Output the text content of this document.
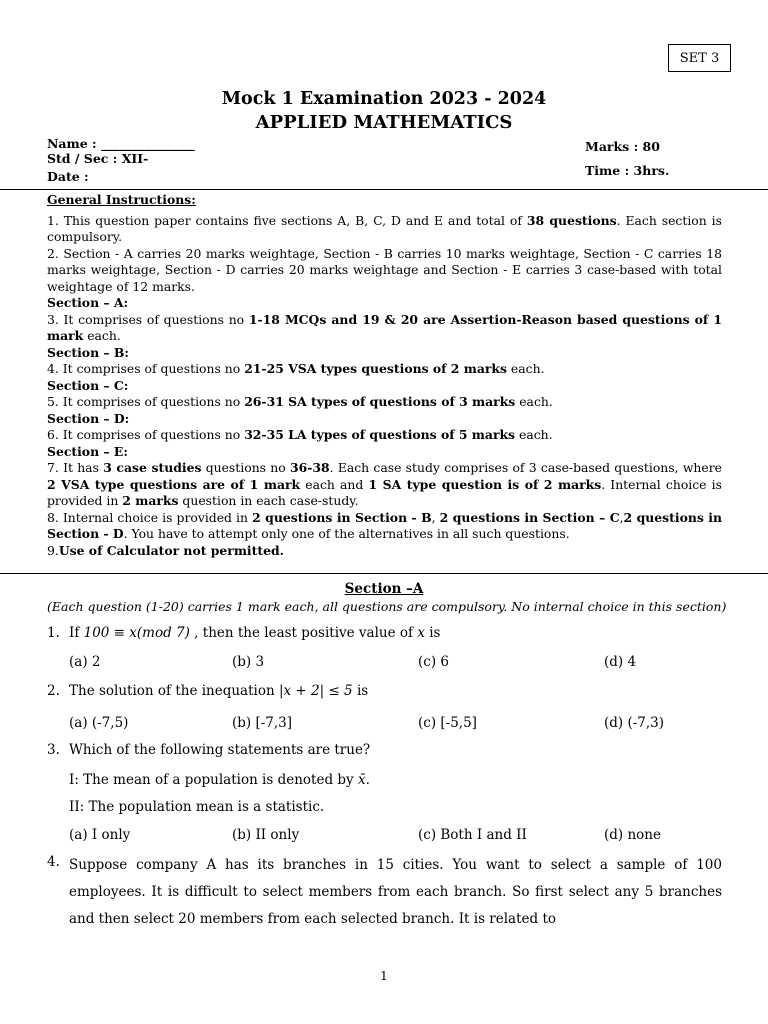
SET 3
Mock 1 Examination 2023 - 2024
APPLIED MATHEMATICS
Name : _______________
Std / Sec : XII-
Date :
Marks : 80
Time : 3hrs.

General Instructions:

1. This question paper contains five sections A, B, C, D and E and total of 38 questions. Each section is compulsory.

2. Section - A carries 20 marks weightage, Section - B carries 10 marks weightage, Section - C carries 18 marks weightage, Section - D carries 20 marks weightage and Section - E carries 3 case-based with total weightage of 12 marks.

Section – A:

3. It comprises of questions no 1-18 MCQs and 19 & 20 are Assertion-Reason based questions of 1 mark each.

Section – B:

4. It comprises of questions no 21-25 VSA types questions of 2 marks each.

Section – C:

5. It comprises of questions no 26-31 SA types of questions of 3 marks each.

Section – D:

6. It comprises of questions no 32-35 LA types of questions of 5 marks each.

Section – E:

7. It has 3 case studies questions no 36-38. Each case study comprises of 3 case-based questions, where 2 VSA type questions are of 1 mark each and 1 SA type question is of 2 marks. Internal choice is provided in 2 marks question in each case-study.

8. Internal choice is provided in 2 questions in Section - B, 2 questions in Section – C,2 questions in Section - D. You have to attempt only one of the alternatives in all such questions.

9.Use of Calculator not permitted.

Section –A
(Each question (1-20) carries 1 mark each, all questions are compulsory. No internal choice in this section)
1. If 100 ≡ x(mod 7) , then the least positive value of x is
(a) 2	(b) 3	(c) 6	(d) 4
2. The solution of the inequation |x + 2| ≤ 5 is
(a) (-7,5)	(b) [-7,3]	(c) [-5,5]	(d) (-7,3)
3. Which of the following statements are true?
I: The mean of a population is denoted by x̄.
II: The population mean is a statistic.
(a) I only	(b) II only	(c) Both I and II	(d) none
4. Suppose company A has its branches in 15 cities. You want to select a sample of 100 employees. It is difficult to select members from each branch. So first select any 5 branches and then select 20 members from each selected branch. It is related to
1
